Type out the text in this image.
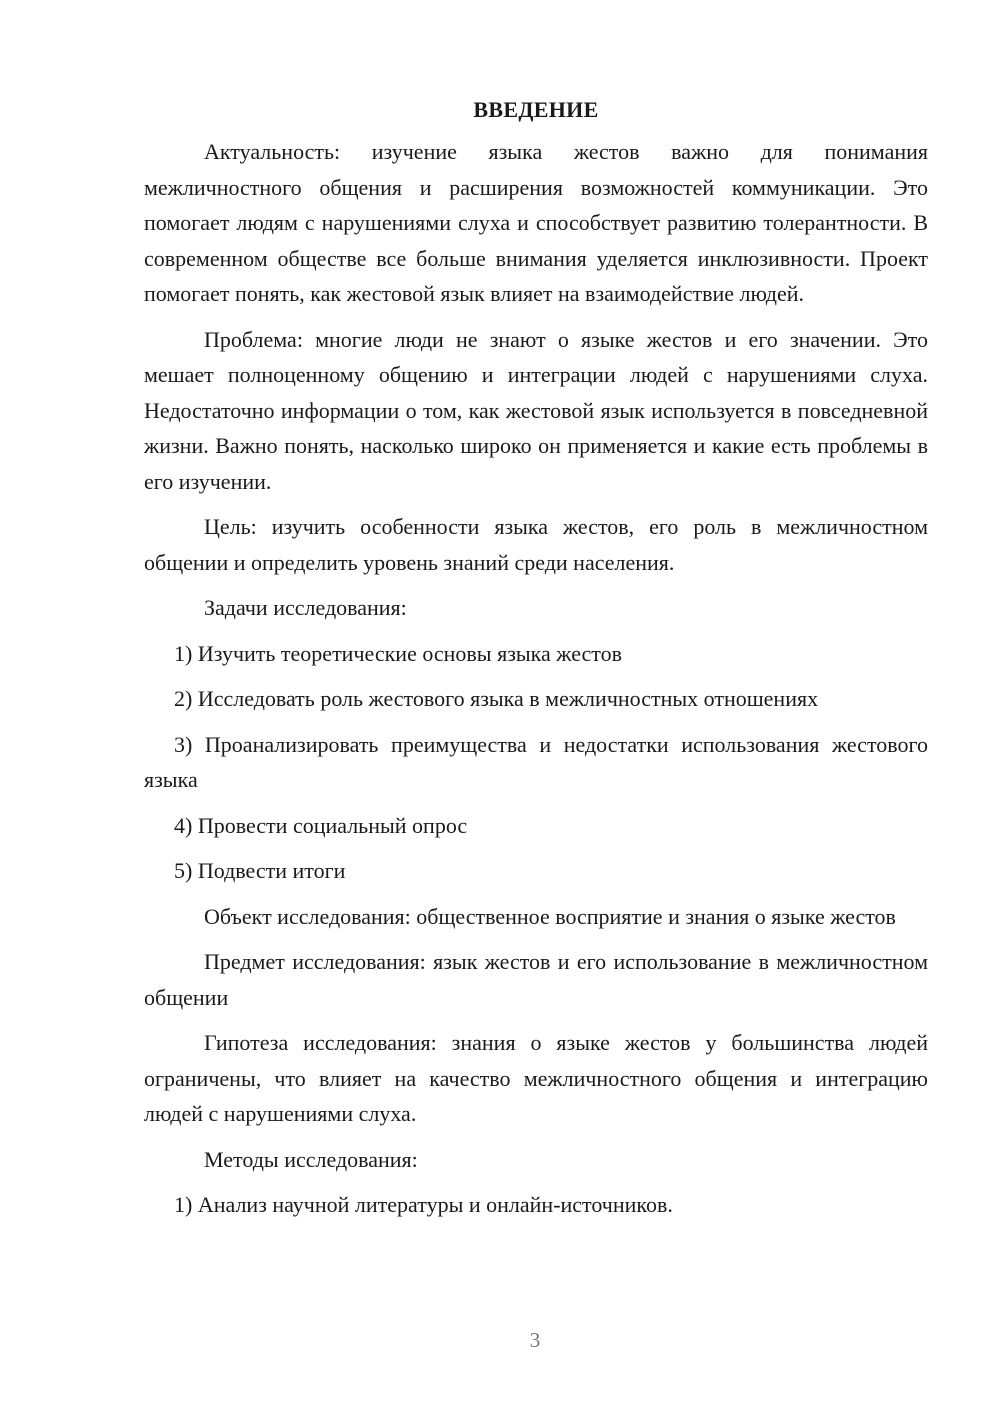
ВВЕДЕНИЕ

Актуальность: изучение языка жестов важно для понимания межличностного общения и расширения возможностей коммуникации. Это помогает людям с нарушениями слуха и способствует развитию толерантности. В современном обществе все больше внимания уделяется инклюзивности. Проект помогает понять, как жестовой язык влияет на взаимодействие людей.

Проблема: многие люди не знают о языке жестов и его значении. Это мешает полноценному общению и интеграции людей с нарушениями слуха. Недостаточно информации о том, как жестовой язык используется в повседневной жизни. Важно понять, насколько широко он применяется и какие есть проблемы в его изучении.

Цель: изучить особенности языка жестов, его роль в межличностном общении и определить уровень знаний среди населения.

Задачи исследования:

1) Изучить теоретические основы языка жестов

2) Исследовать роль жестового языка в межличностных отношениях

3) Проанализировать преимущества и недостатки использования жестового языка

4) Провести социальный опрос

5) Подвести итоги

Объект исследования: общественное восприятие и знания о языке жестов

Предмет исследования: язык жестов и его использование в межличностном общении

Гипотеза исследования: знания о языке жестов у большинства людей ограничены, что влияет на качество межличностного общения и интеграцию людей с нарушениями слуха.

Методы исследования:

1) Анализ научной литературы и онлайн-источников.

3
